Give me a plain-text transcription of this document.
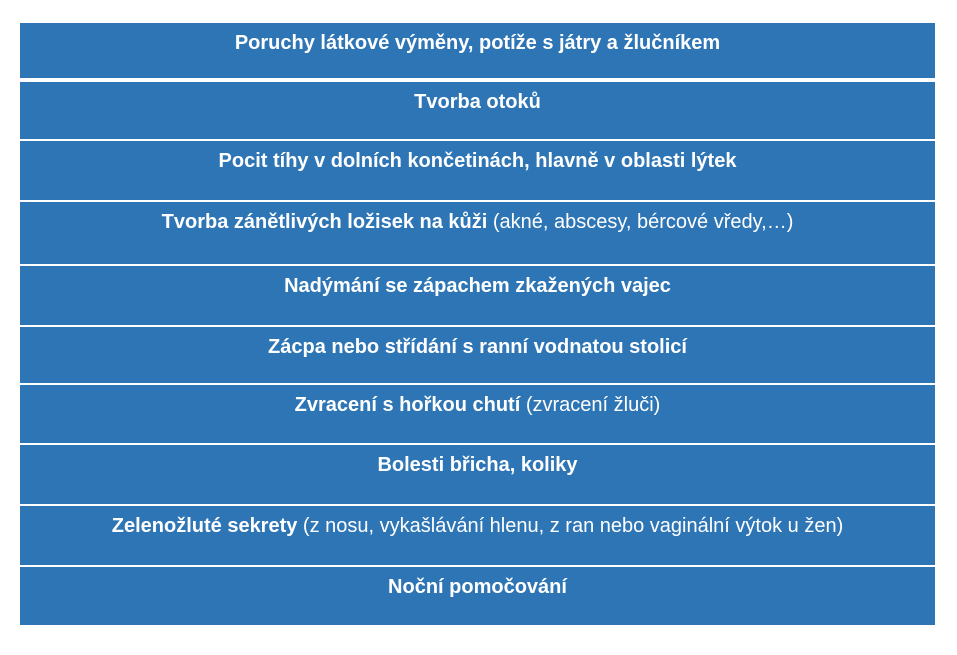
Poruchy látkové výměny, potíže s játry a žlučníkem
Tvorba otoků
Pocit tíhy v dolních končetinách, hlavně v oblasti lýtek
Tvorba zánětlivých ložisek na kůži (akné, abscesy, bércové vředy,…)
Nadýmání se zápachem zkažených vajec
Zácpa nebo střídání s ranní vodnatou stolicí
Zvracení s hořkou chutí (zvracení žluči)
Bolesti břicha, koliky
Zelenožluté sekrety (z nosu, vykašlávání hlenu, z ran nebo vaginální výtok u žen)
Noční pomočování
